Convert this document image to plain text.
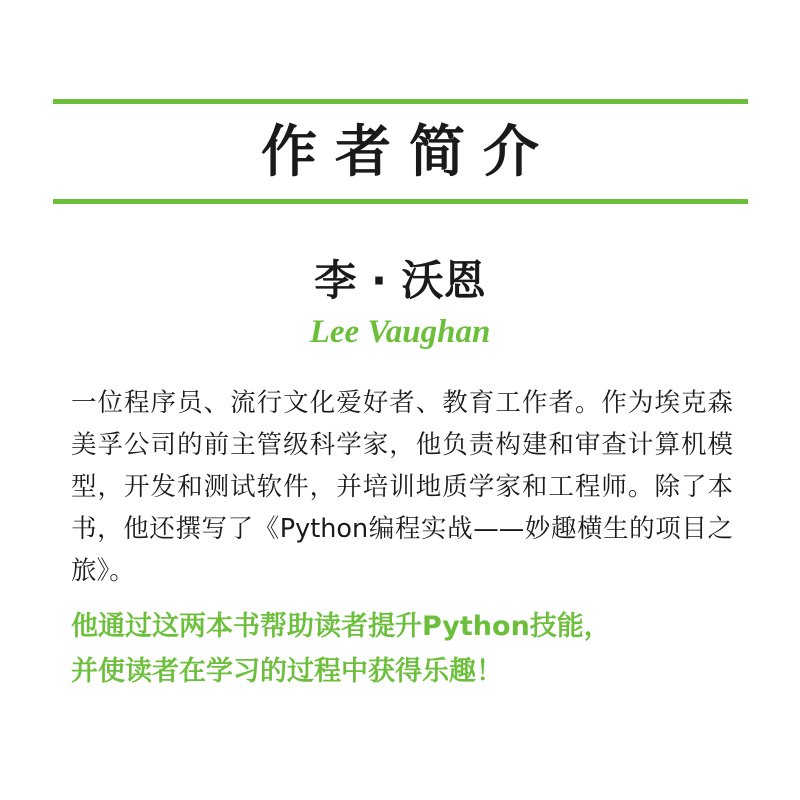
作者简介
李 · 沃恩
Lee Vaughan

一位程序员、流行文化爱好者、教育工作者。作为埃克森美孚公司的前主管级科学家，他负责构建和审查计算机模型，开发和测试软件，并培训地质学家和工程师。除了本书，他还撰写了《Python编程实战——妙趣横生的项目之旅》。

他通过这两本书帮助读者提升Python技能，
并使读者在学习的过程中获得乐趣！
